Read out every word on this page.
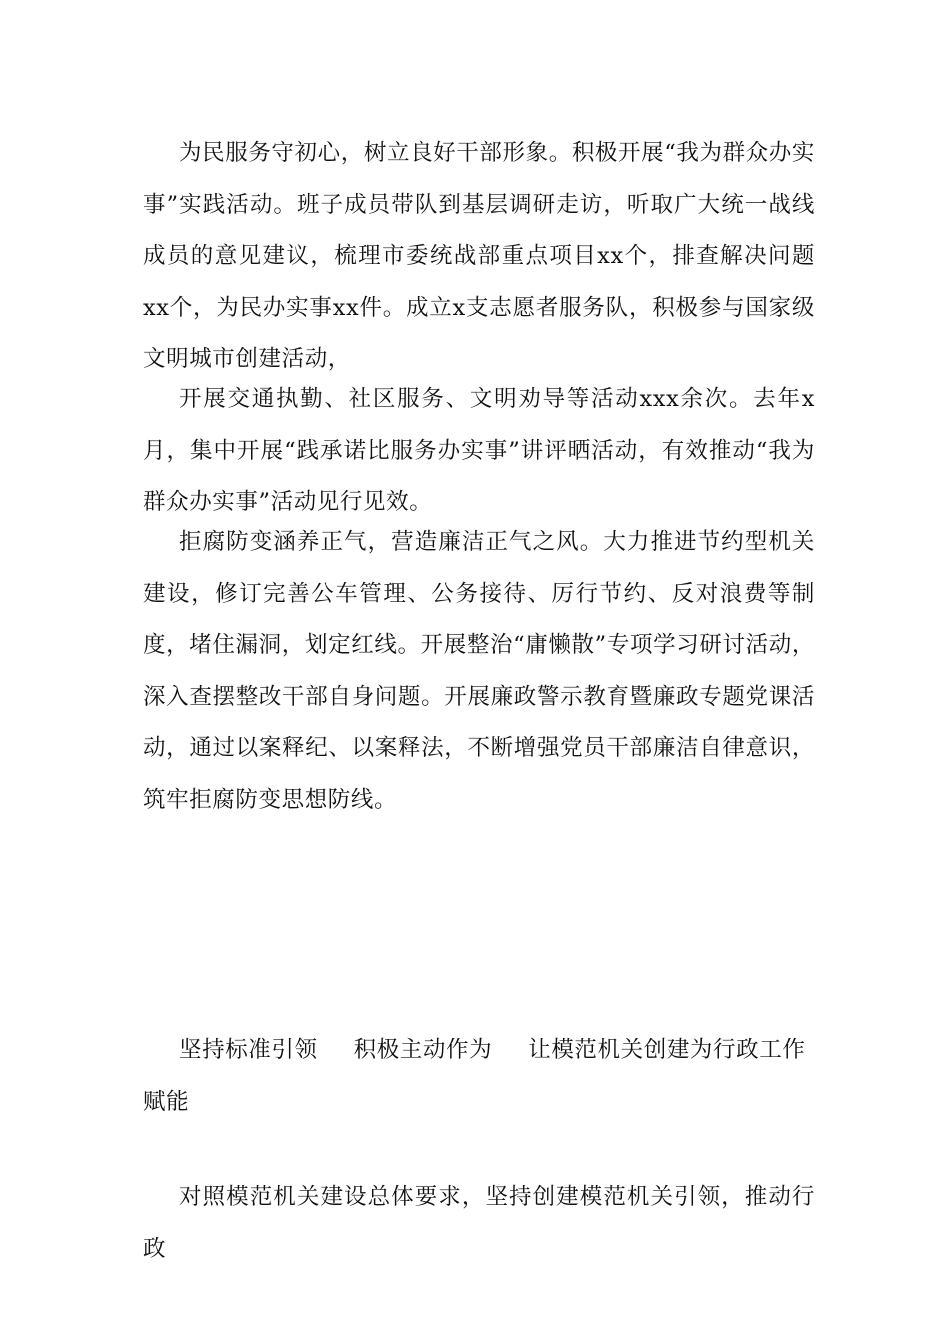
为民服务守初心，树立良好干部形象。积极开展“我为群众办实事”实践活动。班子成员带队到基层调研走访，听取广大统一战线成员的意见建议，梳理市委统战部重点项目xx个，排查解决问题xx个，为民办实事xx件。成立x支志愿者服务队，积极参与国家级文明城市创建活动，

开展交通执勤、社区服务、文明劝导等活动xxx余次。去年x月，集中开展“践承诺比服务办实事”讲评晒活动，有效推动“我为群众办实事”活动见行见效。

拒腐防变涵养正气，营造廉洁正气之风。大力推进节约型机关建设，修订完善公车管理、公务接待、厉行节约、反对浪费等制度，堵住漏洞，划定红线。开展整治“庸懒散”专项学习研讨活动，深入查摆整改干部自身问题。开展廉政警示教育暨廉政专题党课活动，通过以案释纪、以案释法，不断增强党员干部廉洁自律意识，筑牢拒腐防变思想防线。

坚持标准引领 积极主动作为 让模范机关创建为行政工作赋能

对照模范机关建设总体要求，坚持创建模范机关引领，推动行政
